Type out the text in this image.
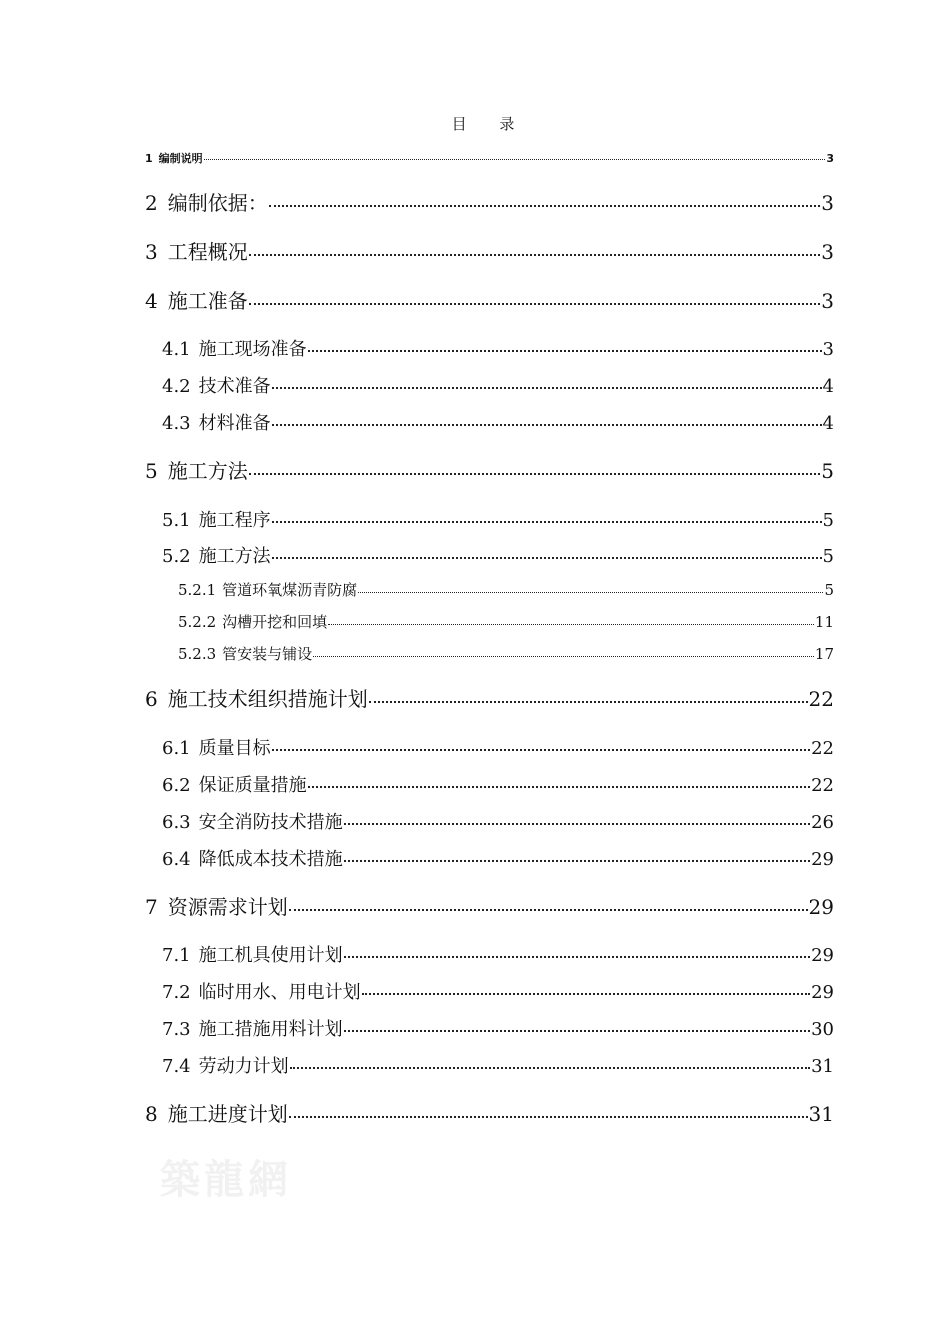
目 录
1 编制说明	3
2 编制依据：	3
3 工程概况	3
4 施工准备	3
4.1 施工现场准备	3
4.2 技术准备	4
4.3 材料准备	4
5 施工方法	5
5.1 施工程序	5
5.2 施工方法	5
5.2.1 管道环氧煤沥青防腐	5
5.2.2 沟槽开挖和回填	11
5.2.3 管安装与铺设	17
6 施工技术组织措施计划	22
6.1 质量目标	22
6.2 保证质量措施	22
6.3 安全消防技术措施	26
6.4 降低成本技术措施	29
7 资源需求计划	29
7.1 施工机具使用计划	29
7.2 临时用水、用电计划	29
7.3 施工措施用料计划	30
7.4 劳动力计划	31
8 施工进度计划	31
築龍網
